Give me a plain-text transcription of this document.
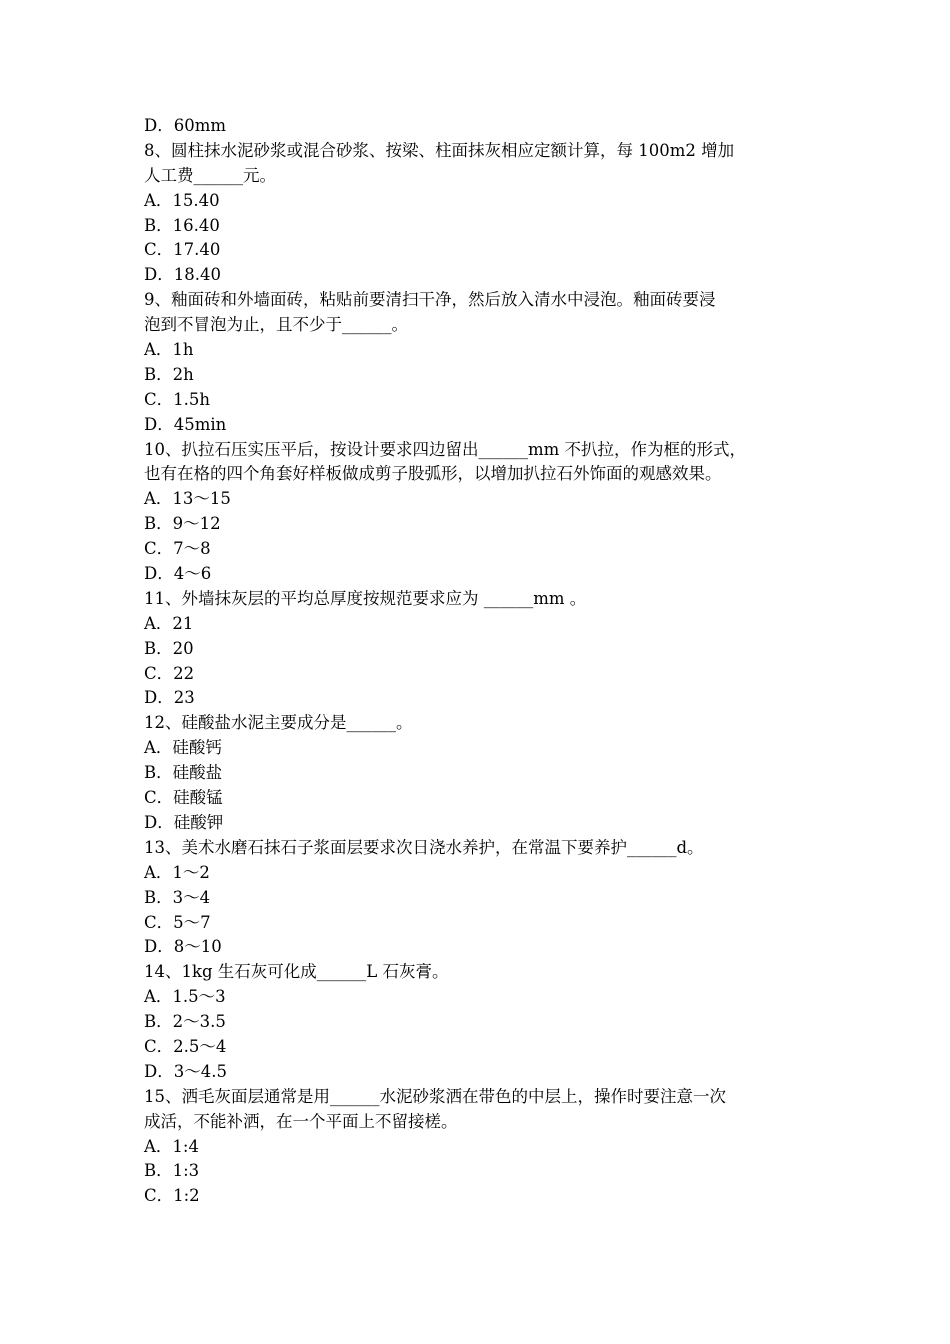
D．60mm
8、圆柱抹水泥砂浆或混合砂浆、按梁、柱面抹灰相应定额计算，每 100m2 增加
人工费______元。
A．15.40
B．16.40
C．17.40
D．18.40
9、釉面砖和外墙面砖，粘贴前要清扫干净，然后放入清水中浸泡。釉面砖要浸
泡到不冒泡为止，且不少于______。
A．1h
B．2h
C．1.5h
D．45min
10、扒拉石压实压平后，按设计要求四边留出______mm 不扒拉，作为框的形式，
也有在格的四个角套好样板做成剪子股弧形，以增加扒拉石外饰面的观感效果。
A．13～15
B．9～12
C．7～8
D．4～6
11、外墙抹灰层的平均总厚度按规范要求应为 ______mm 。
A．21
B．20
C．22
D．23
12、硅酸盐水泥主要成分是______。
A．硅酸钙
B．硅酸盐
C．硅酸锰
D．硅酸钾
13、美术水磨石抹石子浆面层要求次日浇水养护，在常温下要养护______d。
A．1～2
B．3～4
C．5～7
D．8～10
14、1kg 生石灰可化成______L 石灰膏。
A．1.5～3
B．2～3.5
C．2.5～4
D．3～4.5
15、洒毛灰面层通常是用______水泥砂浆洒在带色的中层上，操作时要注意一次
成活，不能补洒，在一个平面上不留接槎。
A．1:4
B．1:3
C．1:2
